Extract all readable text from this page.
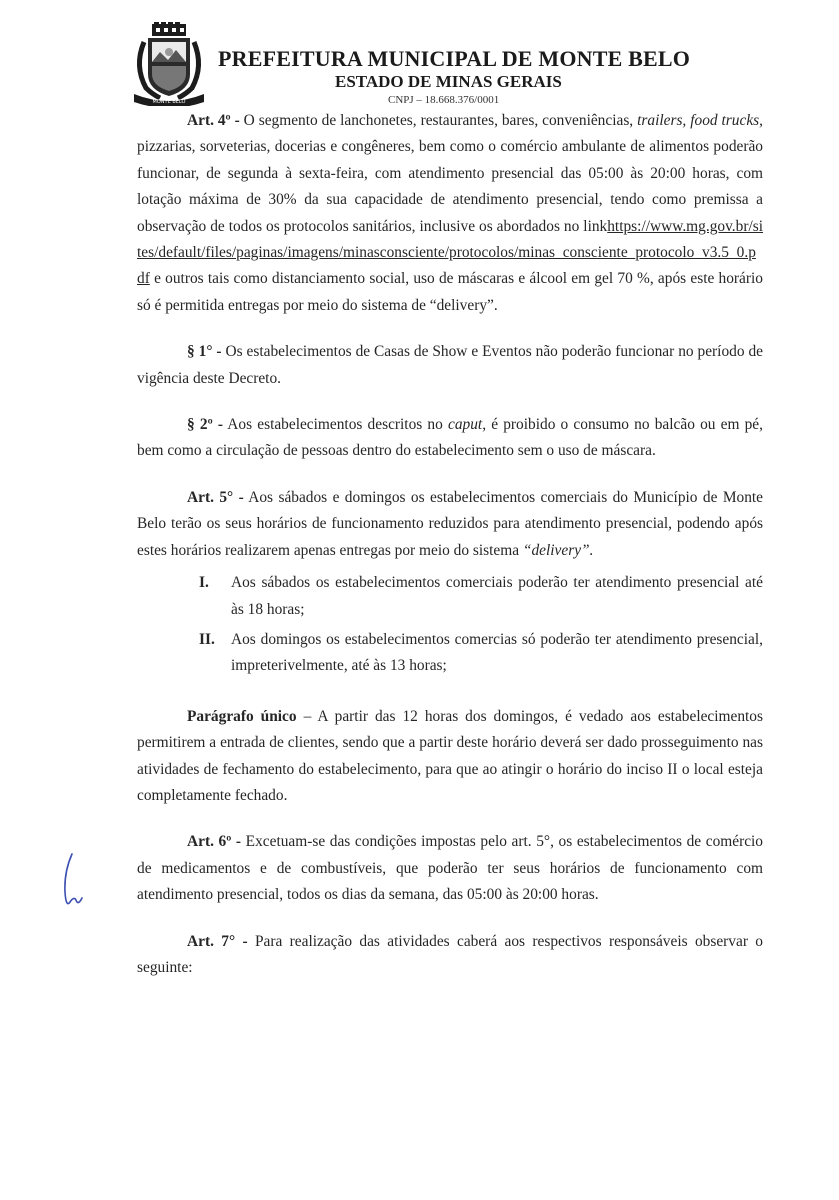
MONTE BELO
PREFEITURA MUNICIPAL DE MONTE BELO
ESTADO DE MINAS GERAIS
CNPJ – 18.668.376/0001

Art. 4º - O segmento de lanchonetes, restaurantes, bares, conveniências, trailers, food trucks, pizzarias, sorveterias, docerias e congêneres, bem como o comércio ambulante de alimentos poderão funcionar, de segunda à sexta-feira, com atendimento presencial das 05:00 às 20:00 horas, com lotação máxima de 30% da sua capacidade de atendimento presencial, tendo como premissa a observação de todos os protocolos sanitários, inclusive os abordados no linkhttps://www.mg.gov.br/sites/default/files/paginas/imagens/minasconsciente/protocolos/minas_consciente_protocolo_v3.5_0.pdf e outros tais como distanciamento social, uso de máscaras e álcool em gel 70 %, após este horário só é permitida entregas por meio do sistema de “delivery”.

§ 1° - Os estabelecimentos de Casas de Show e Eventos não poderão funcionar no período de vigência deste Decreto.

§ 2º - Aos estabelecimentos descritos no caput, é proibido o consumo no balcão ou em pé, bem como a circulação de pessoas dentro do estabelecimento sem o uso de máscara.

Art. 5° - Aos sábados e domingos os estabelecimentos comerciais do Município de Monte Belo terão os seus horários de funcionamento reduzidos para atendimento presencial, podendo após estes horários realizarem apenas entregas por meio do sistema “delivery”.

I.	Aos sábados os estabelecimentos comerciais poderão ter atendimento presencial até às 18 horas;
II.	Aos domingos os estabelecimentos comercias só poderão ter atendimento presencial, impreterivelmente, até às 13 horas;

Parágrafo único – A partir das 12 horas dos domingos, é vedado aos estabelecimentos permitirem a entrada de clientes, sendo que a partir deste horário deverá ser dado prosseguimento nas atividades de fechamento do estabelecimento, para que ao atingir o horário do inciso II o local esteja completamente fechado.

Art. 6º - Excetuam-se das condições impostas pelo art. 5°, os estabelecimentos de comércio de medicamentos e de combustíveis, que poderão ter seus horários de funcionamento com atendimento presencial, todos os dias da semana, das 05:00 às 20:00 horas.

Art. 7° - Para realização das atividades caberá aos respectivos responsáveis observar o seguinte:
